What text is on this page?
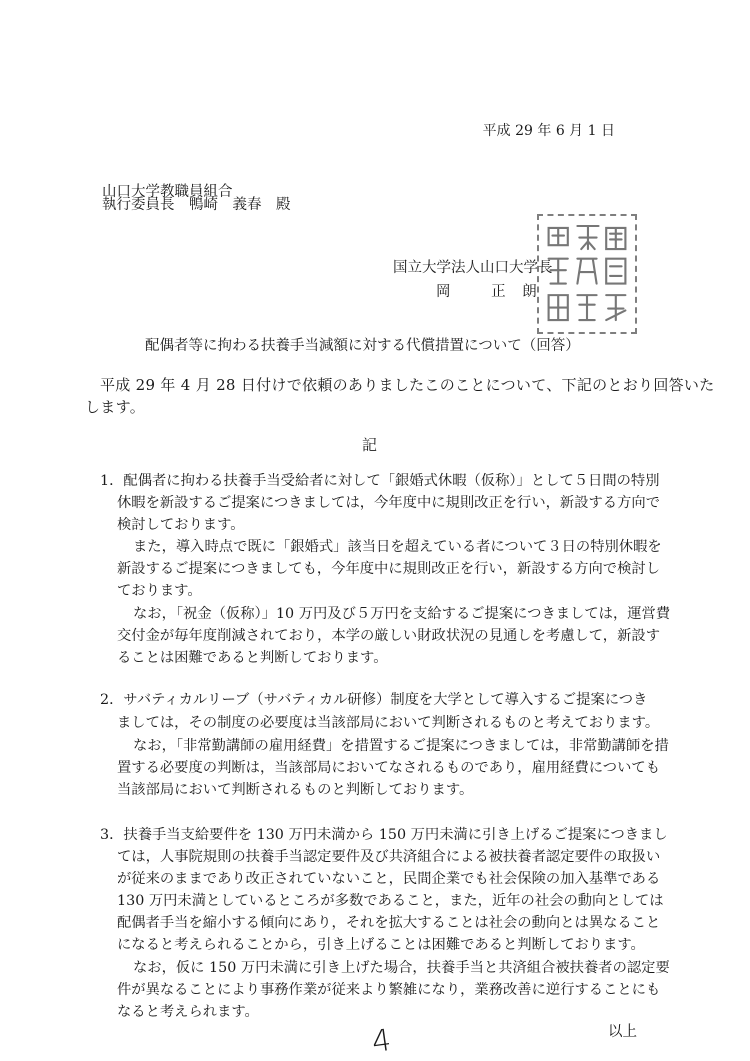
平成 29 年 6 月 1 日
山口大学教職員組合
執行委員長　鴨崎　義春　殿
国立大学法人山口大学長
岡	正 朗
配偶者等に拘わる扶養手当減額に対する代償措置について（回答）
平成 29 年 4 月 28 日付けで依頼のありましたこのことについて、下記のとおり回答いた
します。
記
1．配偶者に拘わる扶養手当受給者に対して「銀婚式休暇（仮称）」として５日間の特別
休暇を新設するご提案につきましては，今年度中に規則改正を行い，新設する方向で
検討しております。
また，導入時点で既に「銀婚式」該当日を超えている者について３日の特別休暇を
新設するご提案につきましても，今年度中に規則改正を行い，新設する方向で検討し
ております。
なお，「祝金（仮称）」10 万円及び５万円を支給するご提案につきましては，運営費
交付金が毎年度削減されており，本学の厳しい財政状況の見通しを考慮して，新設す
ることは困難であると判断しております。
2．サバティカルリーブ（サバティカル研修）制度を大学として導入するご提案につき
ましては，その制度の必要度は当該部局において判断されるものと考えております。
なお，「非常勤講師の雇用経費」を措置するご提案につきましては，非常勤講師を措
置する必要度の判断は，当該部局においてなされるものであり，雇用経費についても
当該部局において判断されるものと判断しております。
3．扶養手当支給要件を 130 万円未満から 150 万円未満に引き上げるご提案につきまし
ては，人事院規則の扶養手当認定要件及び共済組合による被扶養者認定要件の取扱い
が従来のままであり改正されていないこと，民間企業でも社会保険の加入基準である
130 万円未満としているところが多数であること，また，近年の社会の動向としては
配偶者手当を縮小する傾向にあり，それを拡大することは社会の動向とは異なること
になると考えられることから，引き上げることは困難であると判断しております。
なお，仮に 150 万円未満に引き上げた場合，扶養手当と共済組合被扶養者の認定要
件が異なることにより事務作業が従来より繁雑になり，業務改善に逆行することにも
なると考えられます。
以上
4
